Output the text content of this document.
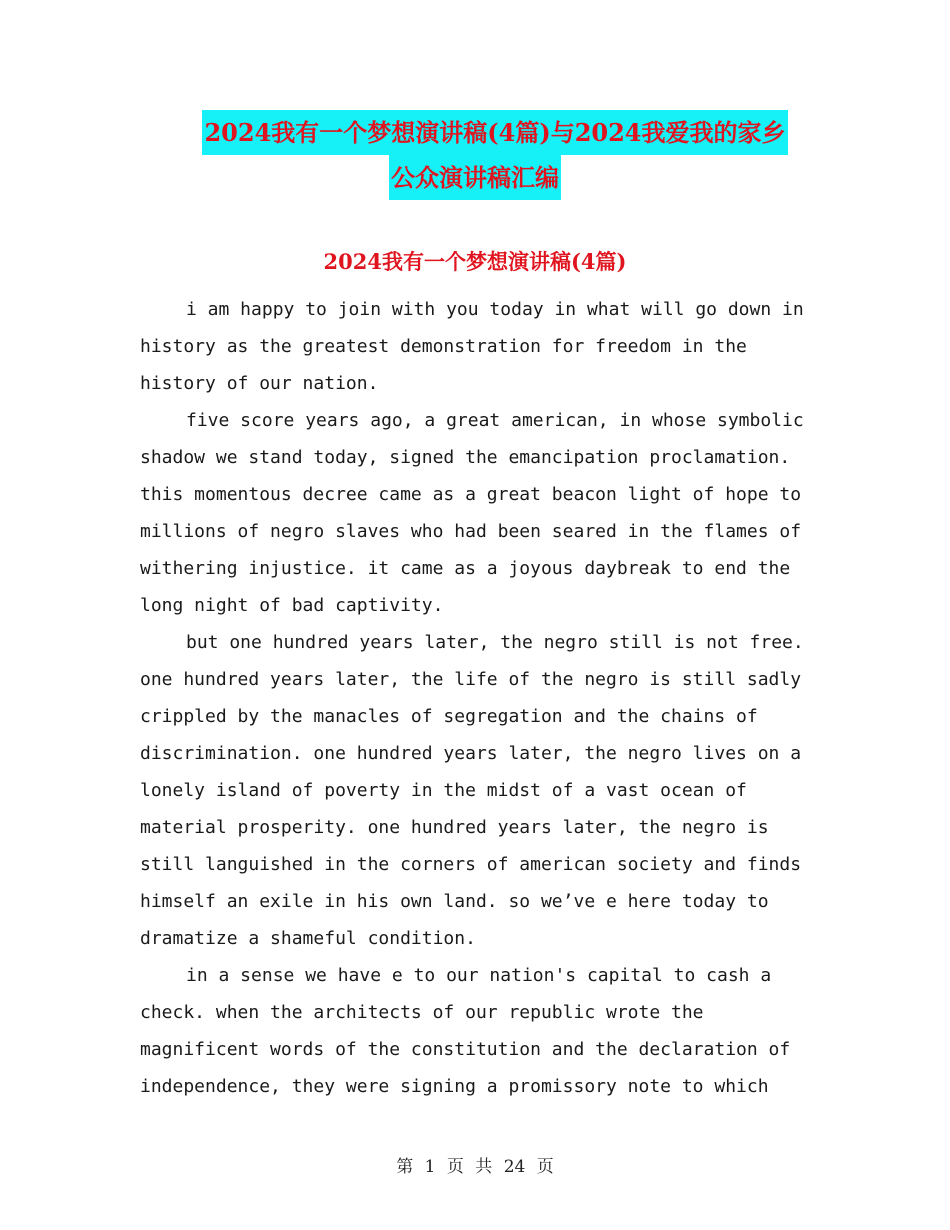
2024我有一个梦想演讲稿(4篇)与2024我爱我的家乡
公众演讲稿汇编
2024我有一个梦想演讲稿(4篇)
i am happy to join with you today in what will go down in
history as the greatest demonstration for freedom in the
history of our nation.
five score years ago, a great american, in whose symbolic
shadow we stand today, signed the emancipation proclamation.
this momentous decree came as a great beacon light of hope to
millions of negro slaves who had been seared in the flames of
withering injustice. it came as a joyous daybreak to end the
long night of bad captivity.
but one hundred years later, the negro still is not free.
one hundred years later, the life of the negro is still sadly
crippled by the manacles of segregation and the chains of
discrimination. one hundred years later, the negro lives on a
lonely island of poverty in the midst of a vast ocean of
material prosperity. one hundred years later, the negro is
still languished in the corners of american society and finds
himself an exile in his own land. so we’ve e here today to
dramatize a shameful condition.
in a sense we have e to our nation's capital to cash a
check. when the architects of our republic wrote the
magnificent words of the constitution and the declaration of
independence, they were signing a promissory note to which
第 1 页 共 24 页
